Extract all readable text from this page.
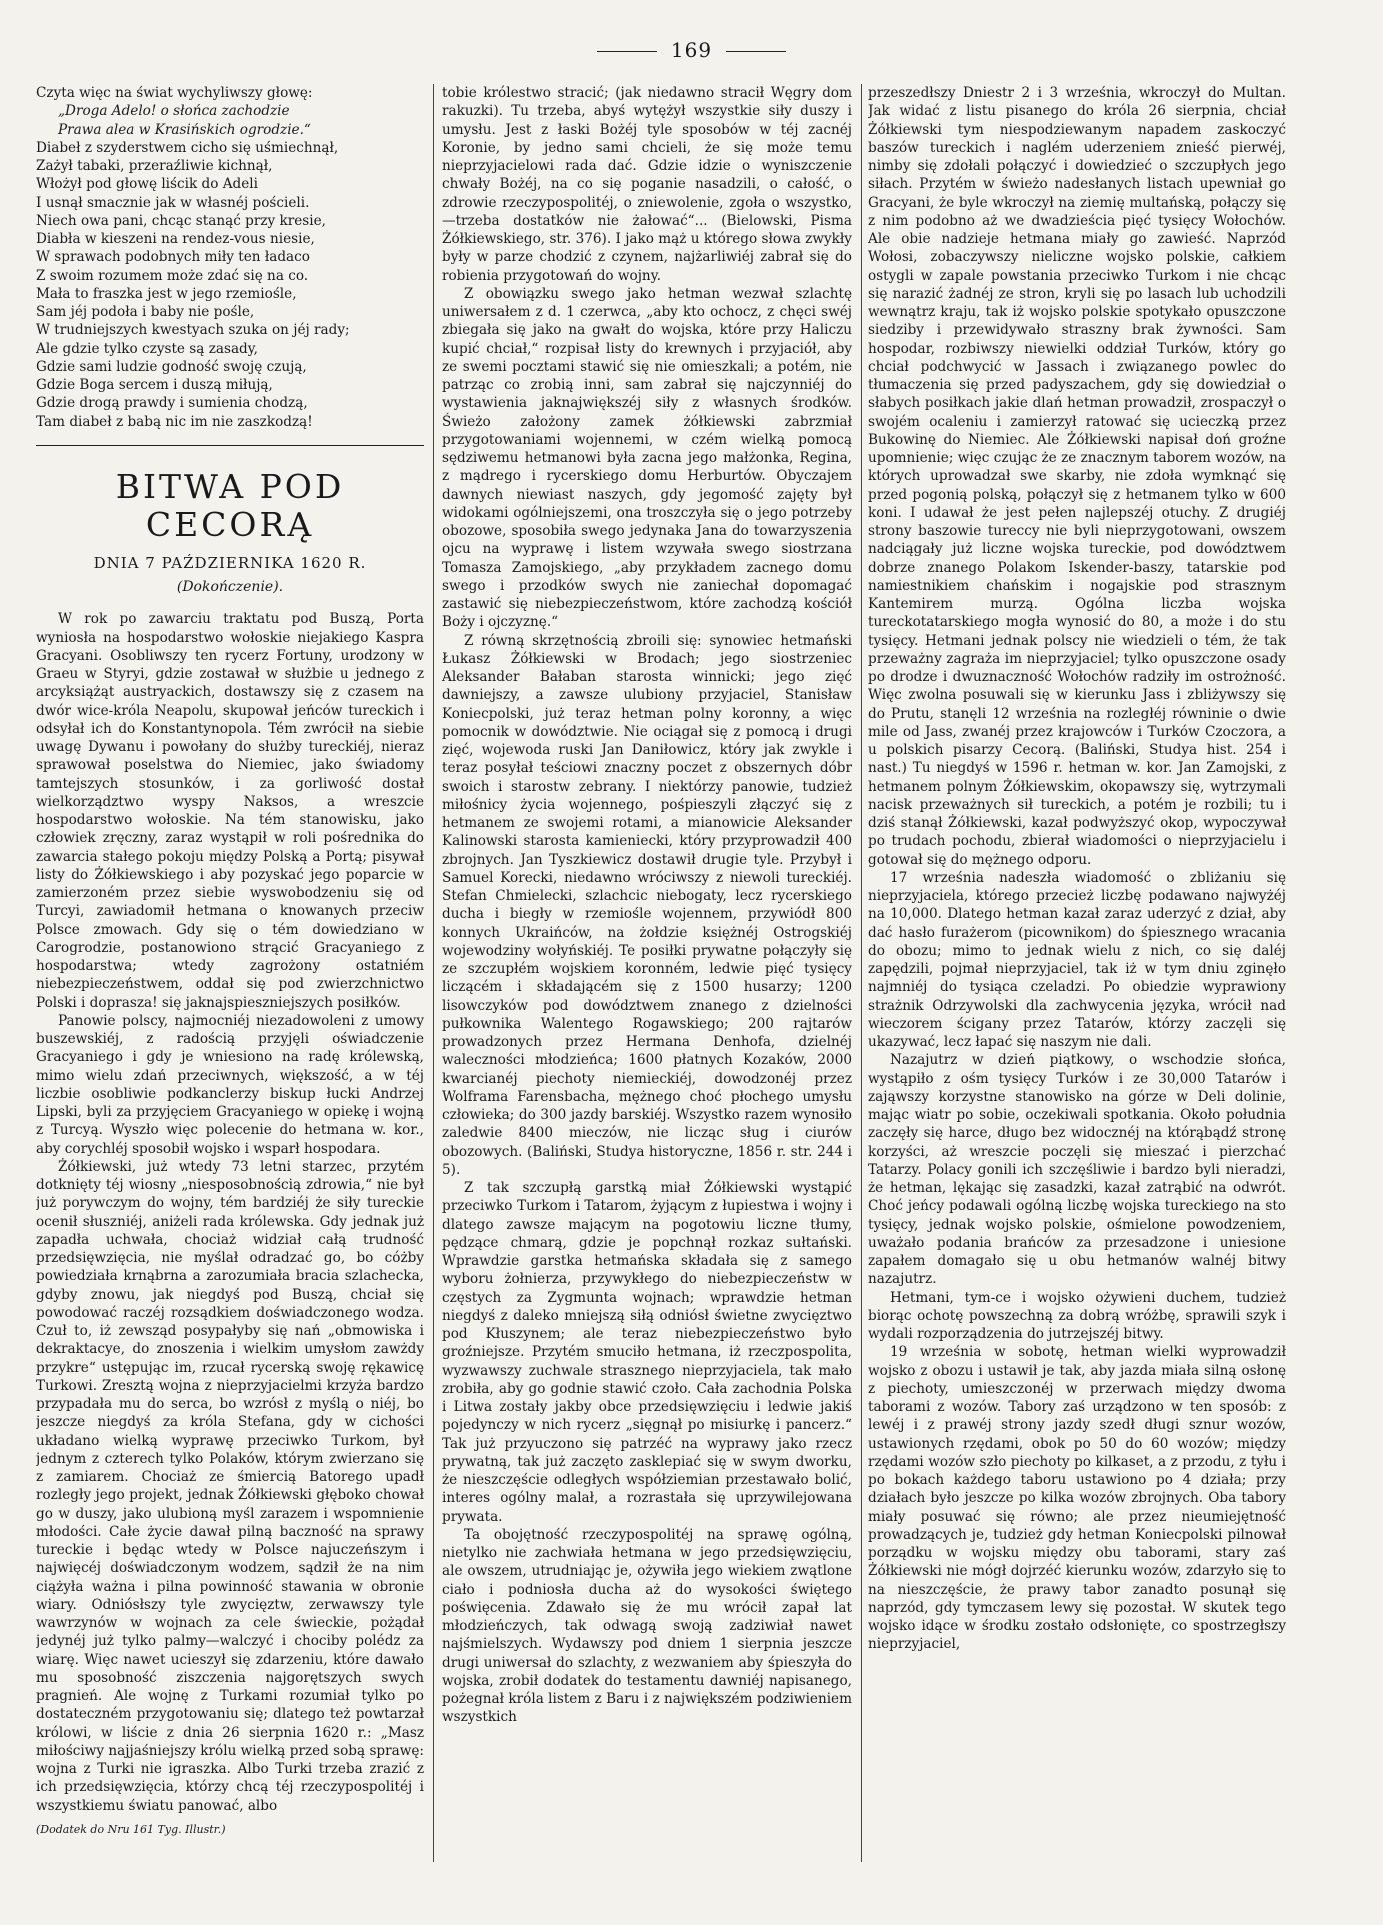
169

Czyta więc na świat wychyliwszy głowę:

„Droga Adelo! o słońca zachodzie

Prawa alea w Krasińskich ogrodzie.“

Diabeł z szyderstwem cicho się uśmiechnął,

Zażył tabaki, przeraźliwie kichnął,

Włożył pod głowę liścik do Adeli

I usnął smacznie jak w własnéj pościeli.

Niech owa pani, chcąc stanąć przy kresie,

Diabła w kieszeni na rendez-vous niesie,

W sprawach podobnych miły ten ładaco

Z swoim rozumem może zdać się na co.

Mała to fraszka jest w jego rzemiośle,

Sam jéj podoła i baby nie pośle,

W trudniejszych kwestyach szuka on jéj rady;

Ale gdzie tylko czyste są zasady,

Gdzie sami ludzie godność swoję czują,

Gdzie Boga sercem i duszą miłują,

Gdzie drogą prawdy i sumienia chodzą,

Tam diabeł z babą nic im nie zaszkodzą!

BITWA POD CECORĄ
DNIA 7 PAŹDZIERNIKA 1620 R.
(Dokończenie).

W rok po zawarciu traktatu pod Buszą, Porta wyniosła na hospodarstwo wołoskie niejakiego Kaspra Gracyani. Osobliwszy ten rycerz Fortuny, urodzony w Graeu w Styryi, gdzie zostawał w służbie u jednego z arcyksiążąt austryackich, dostawszy się z czasem na dwór wice-króla Neapolu, skupował jeńców tureckich i odsyłał ich do Konstantynopola. Tém zwrócił na siebie uwagę Dywanu i powołany do służby tureckiéj, nieraz sprawował poselstwa do Niemiec, jako świadomy tamtejszych stosunków, i za gorliwość dostał wielkorządztwo wyspy Naksos, a wreszcie hospodarstwo wołoskie. Na tém stanowisku, jako człowiek zręczny, zaraz wystąpił w roli pośrednika do zawarcia stałego pokoju między Polską a Portą; pisywał listy do Żółkiewskiego i aby pozyskać jego poparcie w zamierzoném przez siebie wyswobodzeniu się od Turcyi, zawiadomił hetmana o knowanych przeciw Polsce zmowach. Gdy się o tém dowiedziano w Carogrodzie, postanowiono strącić Gracyaniego z hospodarstwa; wtedy zagrożony ostatniém niebezpieczeństwem, oddał się pod zwierzchnictwo Polski i doprasza! się jaknajspieszniejszych posiłków.

Panowie polscy, najmocniéj niezadowoleni z umowy buszewskiéj, z radością przyjęli oświadczenie Gracyaniego i gdy je wniesiono na radę królewską, mimo wielu zdań przeciwnych, większość, a w téj liczbie osobliwie podkanclerzy biskup łucki Andrzej Lipski, byli za przyjęciem Gracyaniego w opiekę i wojną z Turcyą. Wyszło więc polecenie do hetmana w. kor., aby corychléj sposobił wojsko i wsparł hospodara.

Żółkiewski, już wtedy 73 letni starzec, przytém dotknięty téj wiosny „niesposobnością zdrowia,“ nie był już porywczym do wojny, tém bardziéj że siły tureckie ocenił słuszniéj, aniżeli rada królewska. Gdy jednak już zapadła uchwała, chociaż widział całą trudność przedsięwzięcia, nie myślał odradzać go, bo cóżby powiedziała krnąbrna a zarozumiała bracia szlachecka, gdyby znowu, jak niegdyś pod Buszą, chciał się powodować raczéj rozsądkiem doświadczonego wodza. Czuł to, iż zewsząd posypałyby się nań „obmowiska i dekraktacye, do znoszenia i wielkim umysłom zawżdy przykre“ ustępując im, rzucał rycerską swoję rękawicę Turkowi. Zresztą wojna z nieprzyjacielmi krzyża bardzo przypadała mu do serca, bo wzrósł z myślą o niéj, bo jeszcze niegdyś za króla Stefana, gdy w cichości układano wielką wyprawę przeciwko Turkom, był jednym z czterech tylko Polaków, którym zwierzano się z zamiarem. Chociaż ze śmiercią Batorego upadł rozległy jego projekt, jednak Żółkiewski głęboko chował go w duszy, jako ulubioną myśl zarazem i wspomnienie młodości. Całe życie dawał pilną baczność na sprawy tureckie i będąc wtedy w Polsce najuczeńszym i najwięcéj doświadczonym wodzem, sądził że na nim ciążyła ważna i pilna powinność stawania w obronie wiary. Odniósłszy tyle zwycięztw, zerwawszy tyle wawrzynów w wojnach za cele świeckie, pożądał jedynéj już tylko palmy—walczyć i chociby polédz za wiarę. Więc nawet ucieszył się zdarzeniu, które dawało mu sposobność ziszczenia najgorętszych swych pragnień. Ale wojnę z Turkami rozumiał tylko po dostateczném przygotowaniu się; dlatego też powtarzał królowi, w liście z dnia 26 sierpnia 1620 r.: „Masz miłościwy najjaśniejszy królu wielką przed sobą sprawę: wojna z Turki nie igraszka. Albo Turki trzeba zrazić z ich przedsięwzięcia, którzy chcą téj rzeczypospolitéj i wszystkiemu światu panować, albo

(Dodatek do Nru 161 Tyg. Illustr.)

tobie królestwo stracić; (jak niedawno stracił Węgry dom rakuzki). Tu trzeba, abyś wytężył wszystkie siły duszy i umysłu. Jest z łaski Bożéj tyle sposobów w téj zacnéj Koronie, by jedno sami chcieli, że się może temu nieprzyjacielowi rada dać. Gdzie idzie o wyniszczenie chwały Bożéj, na co się poganie nasadzili, o całość, o zdrowie rzeczypospolitéj, o zniewolenie, zgoła o wszystko,—trzeba dostatków nie żałować“... (Bielowski, Pisma Żółkiewskiego, str. 376). I jako mąż u którego słowa zwykły były w parze chodzić z czynem, najżarliwiéj zabrał się do robienia przygotowań do wojny.

Z obowiązku swego jako hetman wezwał szlachtę uniwersałem z d. 1 czerwca, „aby kto ochocz, z chęci swéj zbiegała się jako na gwałt do wojska, które przy Haliczu kupić chciał,“ rozpisał listy do krewnych i przyjaciół, aby ze swemi pocztami stawić się nie omieszkali; a potém, nie patrząc co zrobią inni, sam zabrał się najczynniéj do wystawienia jaknajwiększéj siły z własnych środków. Świeżo założony zamek żółkiewski zabrzmiał przygotowaniami wojennemi, w czém wielką pomocą sędziwemu hetmanowi była zacna jego małżonka, Regina, z mądrego i rycerskiego domu Herburtów. Obyczajem dawnych niewiast naszych, gdy jegomość zajęty był widokami ogólniejszemi, ona troszczyła się o jego potrzeby obozowe, sposobiła swego jedynaka Jana do towarzyszenia ojcu na wyprawę i listem wzywała swego siostrzana Tomasza Zamojskiego, „aby przykładem zacnego domu swego i przodków swych nie zaniechał dopomagać zastawić się niebezpieczeństwom, które zachodzą kościół Boży i ojczyznę.“

Z równą skrzętnością zbroili się: synowiec hetmański Łukasz Żółkiewski w Brodach; jego siostrzeniec Aleksander Bałaban starosta winnicki; jego zięć dawniejszy, a zawsze ulubiony przyjaciel, Stanisław Koniecpolski, już teraz hetman polny koronny, a więc pomocnik w dowództwie. Nie ociągał się z pomocą i drugi zięć, wojewoda ruski Jan Daniłowicz, który jak zwykle i teraz posyłał teściowi znaczny poczet z obszernych dóbr swoich i starostw zebrany. I niektórzy panowie, tudzież miłośnicy życia wojennego, pośpieszyli złączyć się z hetmanem ze swojemi rotami, a mianowicie Aleksander Kalinowski starosta kamieniecki, który przyprowadził 400 zbrojnych. Jan Tyszkiewicz dostawił drugie tyle. Przybył i Samuel Korecki, niedawno wróciwszy z niewoli tureckiéj. Stefan Chmielecki, szlachcic niebogaty, lecz rycerskiego ducha i biegły w rzemiośle wojennem, przywiódł 800 konnych Ukraińców, na żołdzie księżnéj Ostrogskiéj wojewodziny wołyńskiéj. Te posiłki prywatne połączyły się ze szczupłém wojskiem koronném, ledwie pięć tysięcy liczącém i składającém się z 1500 husarzy; 1200 lisowczyków pod dowództwem znanego z dzielności pułkownika Walentego Rogawskiego; 200 rajtarów prowadzonych przez Hermana Denhofa, dzielnéj waleczności młodzieńca; 1600 płatnych Kozaków, 2000 kwarcianéj piechoty niemieckiéj, dowodzonéj przez Wolframa Farensbacha, mężnego choć płochego umysłu człowieka; do 300 jazdy barskiéj. Wszystko razem wynosiło zaledwie 8400 mieczów, nie licząc sług i ciurów obozowych. (Baliński, Studya historyczne, 1856 r. str. 244 i 5).

Z tak szczupłą garstką miał Żółkiewski wystąpić przeciwko Turkom i Tatarom, żyjącym z łupiestwa i wojny i dlatego zawsze mającym na pogotowiu liczne tłumy, pędzące chmarą, gdzie je popchnął rozkaz sułtański. Wprawdzie garstka hetmańska składała się z samego wyboru żołnierza, przywykłego do niebezpieczeństw w częstych za Zygmunta wojnach; wprawdzie hetman niegdyś z daleko mniejszą siłą odniósł świetne zwycięztwo pod Kłuszynem; ale teraz niebezpieczeństwo było groźniejsze. Przytém smuciło hetmana, iż rzeczpospolita, wyzwawszy zuchwale strasznego nieprzyjaciela, tak mało zrobiła, aby go godnie stawić czoło. Cała zachodnia Polska i Litwa zostały jakby obce przedsięwzięciu i ledwie jakiś pojedynczy w nich rycerz „sięgnął po misiurkę i pancerz.“ Tak już przyuczono się patrzéć na wyprawy jako rzecz prywatną, tak już zaczęto zasklepiać się w swym dworku, że nieszczęście odległych współziemian przestawało bolić, interes ogólny malał, a rozrastała się uprzywilejowana prywata.

Ta obojętność rzeczypospolitéj na sprawę ogólną, nietylko nie zachwiała hetmana w jego przedsięwzięciu, ale owszem, utrudniając je, ożywiła jego wiekiem zwątlone ciało i podniosła ducha aż do wysokości świętego poświęcenia. Zdawało się że mu wrócił zapał lat młodzieńczych, tak odwagą swoją zadziwiał nawet najśmielszych. Wydawszy pod dniem 1 sierpnia jeszcze drugi uniwersał do szlachty, z wezwaniem aby śpieszyła do wojska, zrobił dodatek do testamentu dawniéj napisanego, pożegnał króla listem z Baru i z największém podziwieniem wszystkich

przeszedłszy Dniestr 2 i 3 września, wkroczył do Multan. Jak widać z listu pisanego do króla 26 sierpnia, chciał Żółkiewski tym niespodziewanym napadem zaskoczyć baszów tureckich i naglém uderzeniem znieść pierwéj, nimby się zdołali połączyć i dowiedzieć o szczupłych jego siłach. Przytém w świeżo nadesłanych listach upewniał go Gracyani, że byle wkroczył na ziemię multańską, połączy się z nim podobno aż we dwadzieścia pięć tysięcy Wołochów. Ale obie nadzieje hetmana miały go zawieść. Naprzód Wołosi, zobaczywszy nieliczne wojsko polskie, całkiem ostygli w zapale powstania przeciwko Turkom i nie chcąc się narazić żadnéj ze stron, kryli się po lasach lub uchodzili wewnątrz kraju, tak iż wojsko polskie spotykało opuszczone siedziby i przewidywało straszny brak żywności. Sam hospodar, rozbiwszy niewielki oddział Turków, który go chciał podchwycić w Jassach i związanego powlec do tłumaczenia się przed padyszachem, gdy się dowiedział o słabych posiłkach jakie dlań hetman prowadził, zrospaczył o swojém ocaleniu i zamierzył ratować się ucieczką przez Bukowinę do Niemiec. Ale Żółkiewski napisał doń groźne upomnienie; więc czując że ze znacznym taborem wozów, na których uprowadzał swe skarby, nie zdoła wymknąć się przed pogonią polską, połączył się z hetmanem tylko w 600 koni. I udawał że jest pełen najlepszéj otuchy. Z drugiéj strony baszowie tureccy nie byli nieprzygotowani, owszem nadciągały już liczne wojska tureckie, pod dowództwem dobrze znanego Polakom Iskender-baszy, tatarskie pod namiestnikiem chańskim i nogajskie pod strasznym Kantemirem murzą. Ogólna liczba wojska tureckotatarskiego mogła wynosić do 80, a może i do stu tysięcy. Hetmani jednak polscy nie wiedzieli o tém, że tak przeważny zagraża im nieprzyjaciel; tylko opuszczone osady po drodze i dwuznaczność Wołochów radziły im ostrożność. Więc zwolna posuwali się w kierunku Jass i zbliżywszy się do Prutu, stanęli 12 września na rozległéj równinie o dwie mile od Jass, zwanéj przez krajowców i Turków Czoczora, a u polskich pisarzy Cecorą. (Baliński, Studya hist. 254 i nast.) Tu niegdyś w 1596 r. hetman w. kor. Jan Zamojski, z hetmanem polnym Żółkiewskim, okopawszy się, wytrzymali nacisk przeważnych sił tureckich, a potém je rozbili; tu i dziś stanął Żółkiewski, kazał podwyższyć okop, wypoczywał po trudach pochodu, zbierał wiadomości o nieprzyjacielu i gotował się do mężnego odporu.

17 września nadeszła wiadomość o zbliżaniu się nieprzyjaciela, którego przecież liczbę podawano najwyżéj na 10,000. Dlatego hetman kazał zaraz uderzyć z dział, aby dać hasło furażerom (picownikom) do śpiesznego wracania do obozu; mimo to jednak wielu z nich, co się daléj zapędzili, pojmał nieprzyjaciel, tak iż w tym dniu zginęło najmniéj do tysiąca czeladzi. Po obiedzie wyprawiony strażnik Odrzywolski dla zachwycenia języka, wrócił nad wieczorem ścigany przez Tatarów, którzy zaczęli się ukazywać, lecz łapać się naszym nie dali.

Nazajutrz w dzień piątkowy, o wschodzie słońca, wystąpiło z ośm tysięcy Turków i ze 30,000 Tatarów i zająwszy korzystne stanowisko na górze w Deli dolinie, mając wiatr po sobie, oczekiwali spotkania. Około południa zaczęły się harce, długo bez widocznéj na którąbądź stronę korzyści, aż wreszcie poczęli się mieszać i pierzchać Tatarzy. Polacy gonili ich szczęśliwie i bardzo byli nieradzi, że hetman, lękając się zasadzki, kazał zatrąbić na odwrót. Choć jeńcy podawali ogólną liczbę wojska tureckiego na sto tysięcy, jednak wojsko polskie, ośmielone powodzeniem, uważało podania brańców za przesadzone i uniesione zapałem domagało się u obu hetmanów walnéj bitwy nazajutrz.

Hetmani, tym-ce i wojsko ożywieni duchem, tudzież biorąc ochotę powszechną za dobrą wróżbę, sprawili szyk i wydali rozporządzenia do jutrzejszéj bitwy.

19 września w sobotę, hetman wielki wyprowadził wojsko z obozu i ustawił je tak, aby jazda miała silną osłonę z piechoty, umieszczonéj w przerwach między dwoma taborami z wozów. Tabory zaś urządzono w ten sposób: z lewéj i z prawéj strony jazdy szedł długi sznur wozów, ustawionych rzędami, obok po 50 do 60 wozów; między rzędami wozów szło piechoty po kilkaset, a z przodu, z tyłu i po bokach każdego taboru ustawiono po 4 działa; przy działach było jeszcze po kilka wozów zbrojnych. Oba tabory miały posuwać się równo; ale przez nieumiejętność prowadzących je, tudzież gdy hetman Koniecpolski pilnował porządku w wojsku między obu taborami, stary zaś Żółkiewski nie mógł dojrzéć kierunku wozów, zdarzyło się to na nieszczęście, że prawy tabor zanadto posunął się naprzód, gdy tymczasem lewy się pozostał. W skutek tego wojsko idące w środku zostało odsłonięte, co spostrzegłszy nieprzyjaciel,
